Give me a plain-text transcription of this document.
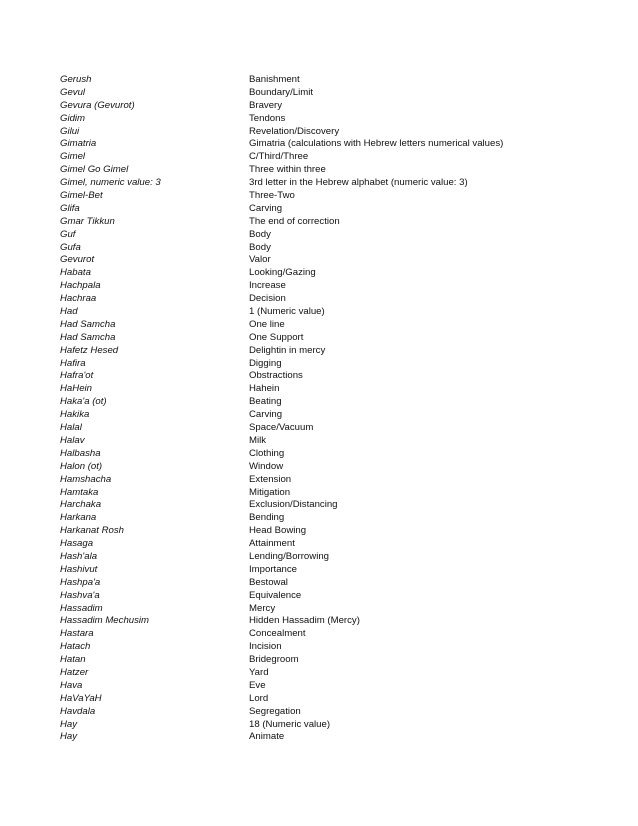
Gerush	Banishment
Gevul	Boundary/Limit
Gevura (Gevurot)	Bravery
Gidim	Tendons
Gilui	Revelation/Discovery
Gimatria	Gimatria (calculations with Hebrew letters numerical values)
Gimel	C/Third/Three
Gimel Go Gimel	Three within three
Gimel, numeric value: 3	3rd letter in the Hebrew alphabet (numeric value: 3)
Gimel-Bet	Three-Two
Glifa	Carving
Gmar Tikkun	The end of correction
Guf	Body
Gufa	Body
Gevurot	Valor
Habata	Looking/Gazing
Hachpala	Increase
Hachraa	Decision
Had	1 (Numeric value)
Had Samcha	One line
Had Samcha	One Support
Hafetz Hesed	Delightin in mercy
Hafira	Digging
Hafra'ot	Obstractions
HaHein	Hahein
Haka'a (ot)	Beating
Hakika	Carving
Halal	Space/Vacuum
Halav	Milk
Halbasha	Clothing
Halon (ot)	Window
Hamshacha	Extension
Hamtaka	Mitigation
Harchaka	Exclusion/Distancing
Harkana	Bending
Harkanat Rosh	Head Bowing
Hasaga	Attainment
Hash'ala	Lending/Borrowing
Hashivut	Importance
Hashpa'a	Bestowal
Hashva'a	Equivalence
Hassadim	Mercy
Hassadim Mechusim	Hidden Hassadim (Mercy)
Hastara	Concealment
Hatach	Incision
Hatan	Bridegroom
Hatzer	Yard
Hava	Eve
HaVaYaH	Lord
Havdala	Segregation
Hay	18 (Numeric value)
Hay	Animate
